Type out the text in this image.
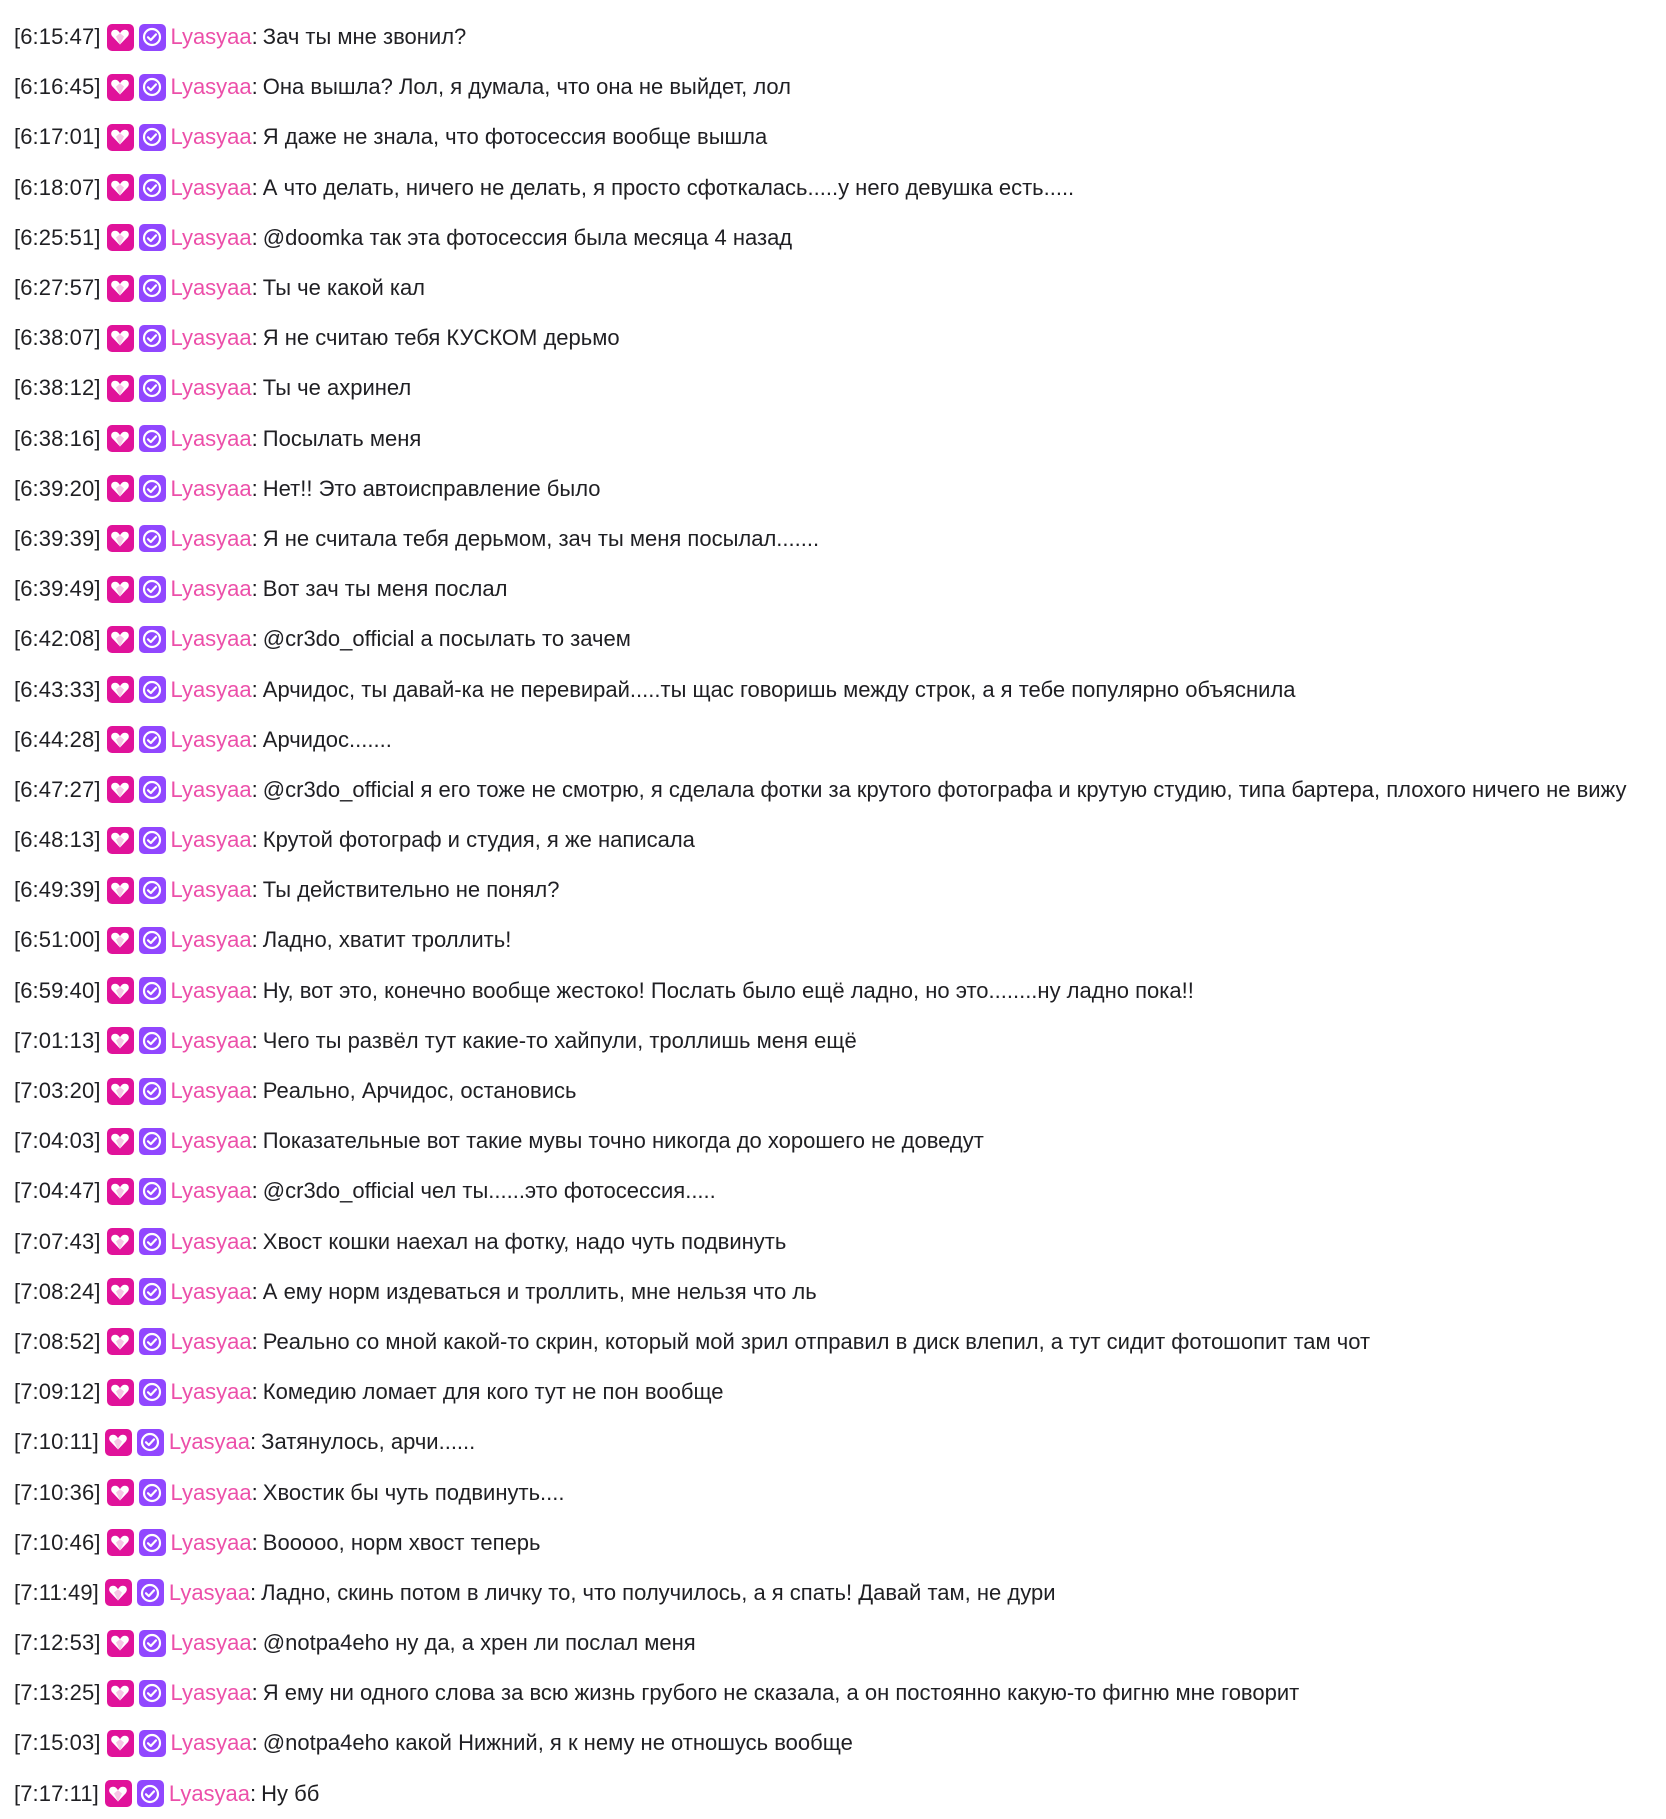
[6:15:47]	Lyasyaa : Зач ты мне звонил?
[6:16:45]	Lyasyaa : Она вышла? Лол, я думала, что она не выйдет, лол
[6:17:01]	Lyasyaa : Я даже не знала, что фотосессия вообще вышла
[6:18:07]	Lyasyaa : А что делать, ничего не делать, я просто сфоткалась.....у него девушка есть.....
[6:25:51]	Lyasyaa : @doomka так эта фотосессия была месяца 4 назад
[6:27:57]	Lyasyaa : Ты че какой кал
[6:38:07]	Lyasyaa : Я не считаю тебя КУСКОМ дерьмо
[6:38:12]	Lyasyaa : Ты че ахринел
[6:38:16]	Lyasyaa : Посылать меня
[6:39:20]	Lyasyaa : Нет!! Это автоисправление было
[6:39:39]	Lyasyaa : Я не считала тебя дерьмом, зач ты меня посылал.......
[6:39:49]	Lyasyaa : Вот зач ты меня послал
[6:42:08]	Lyasyaa : @cr3do_official а посылать то зачем
[6:43:33]	Lyasyaa : Арчидос, ты давай-ка не перевирай.....ты щас говоришь между строк, а я тебе популярно объяснила
[6:44:28]	Lyasyaa : Арчидос.......
[6:47:27]	Lyasyaa : @cr3do_official я его тоже не смотрю, я сделала фотки за крутого фотографа и крутую студию, типа бартера, плохого ничего не вижу
[6:48:13]	Lyasyaa : Крутой фотограф и студия, я же написала
[6:49:39]	Lyasyaa : Ты действительно не понял?
[6:51:00]	Lyasyaa : Ладно, хватит троллить!
[6:59:40]	Lyasyaa : Ну, вот это, конечно вообще жестоко! Послать было ещё ладно, но это........ну ладно пока!!
[7:01:13]	Lyasyaa : Чего ты развёл тут какие-то хайпули, троллишь меня ещё
[7:03:20]	Lyasyaa : Реально, Арчидос, остановись
[7:04:03]	Lyasyaa : Показательные вот такие мувы точно никогда до хорошего не доведут
[7:04:47]	Lyasyaa : @cr3do_official чел ты......это фотосессия.....
[7:07:43]	Lyasyaa : Хвост кошки наехал на фотку, надо чуть подвинуть
[7:08:24]	Lyasyaa : А ему норм издеваться и троллить, мне нельзя что ль
[7:08:52]	Lyasyaa : Реально со мной какой-то скрин, который мой зрил отправил в диск влепил, а тут сидит фотошопит там чот
[7:09:12]	Lyasyaa : Комедию ломает для кого тут не пон вообще
[7:10:11]	Lyasyaa : Затянулось, арчи......
[7:10:36]	Lyasyaa : Хвостик бы чуть подвинуть....
[7:10:46]	Lyasyaa : Вооооо, норм хвост теперь
[7:11:49]	Lyasyaa : Ладно, скинь потом в личку то, что получилось, а я спать! Давай там, не дури
[7:12:53]	Lyasyaa : @notpa4eho ну да, а хрен ли послал меня
[7:13:25]	Lyasyaa : Я ему ни одного слова за всю жизнь грубого не сказала, а он постоянно какую-то фигню мне говорит
[7:15:03]	Lyasyaa : @notpa4eho какой Нижний, я к нему не отношусь вообще
[7:17:11]	Lyasyaa : Ну бб
